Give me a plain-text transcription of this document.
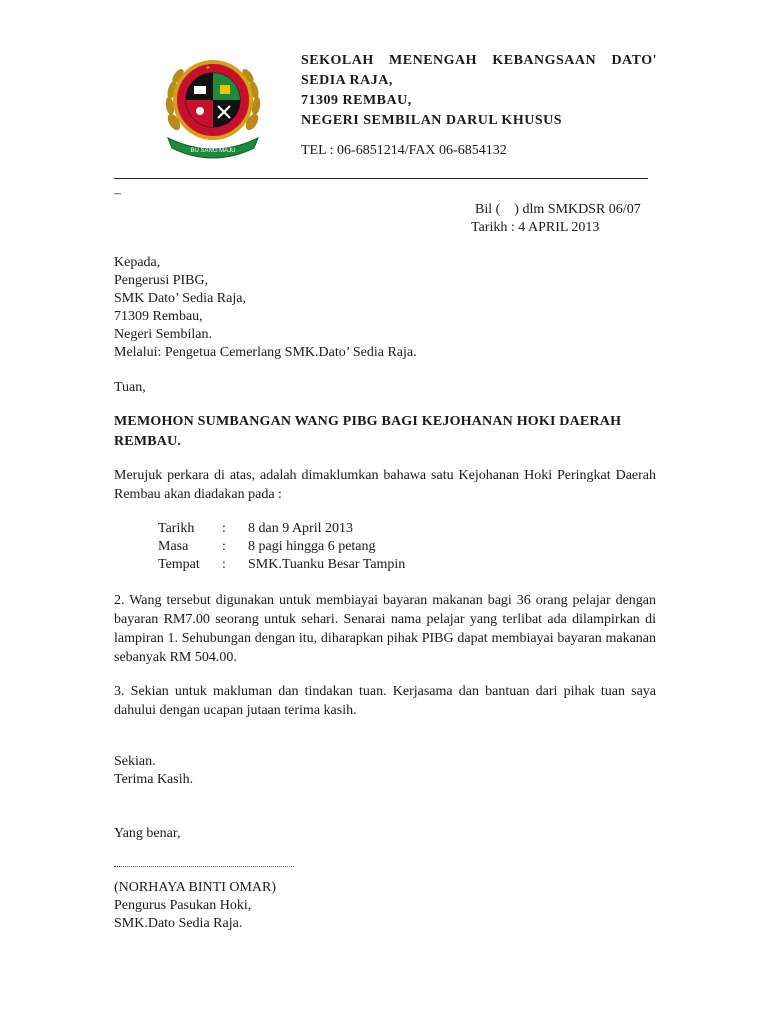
✦
BU SANG MAJU
SEKOLAH MENENGAH KEBANGSAAN DATO'
SEDIA RAJA,
71309 REMBAU,
NEGERI SEMBILAN DARUL KHUSUS
TEL : 06-6851214/FAX 06-6854132
–
Bil (    ) dlm SMKDSR 06/07
Tarikh : 4 APRIL 2013
Kepada,
Pengerusi PIBG,
SMK Dato’ Sedia Raja,
71309 Rembau,
Negeri Sembilan.
Melalui: Pengetua Cemerlang SMK.Dato’ Sedia Raja.
Tuan,
MEMOHON SUMBANGAN WANG PIBG BAGI KEJOHANAN HOKI DAERAH REMBAU.
Merujuk perkara di atas, adalah dimaklumkan bahawa satu Kejohanan Hoki Peringkat Daerah Rembau akan diadakan pada :
Tarikh : 8 dan 9 April 2013
Masa : 8 pagi hingga 6 petang
Tempat : SMK.Tuanku Besar Tampin
2. Wang tersebut digunakan untuk membiayai bayaran makanan bagi 36 orang pelajar dengan bayaran RM7.00 seorang untuk sehari. Senarai nama pelajar yang terlibat ada dilampirkan di lampiran 1. Sehubungan dengan itu, diharapkan pihak PIBG dapat membiayai bayaran makanan sebanyak RM 504.00.
3. Sekian untuk makluman dan tindakan tuan. Kerjasama dan bantuan dari pihak tuan saya dahului dengan ucapan jutaan terima kasih.
Sekian.
Terima Kasih.
Yang benar,
(NORHAYA BINTI OMAR)
Pengurus Pasukan Hoki,
SMK.Dato Sedia Raja.
